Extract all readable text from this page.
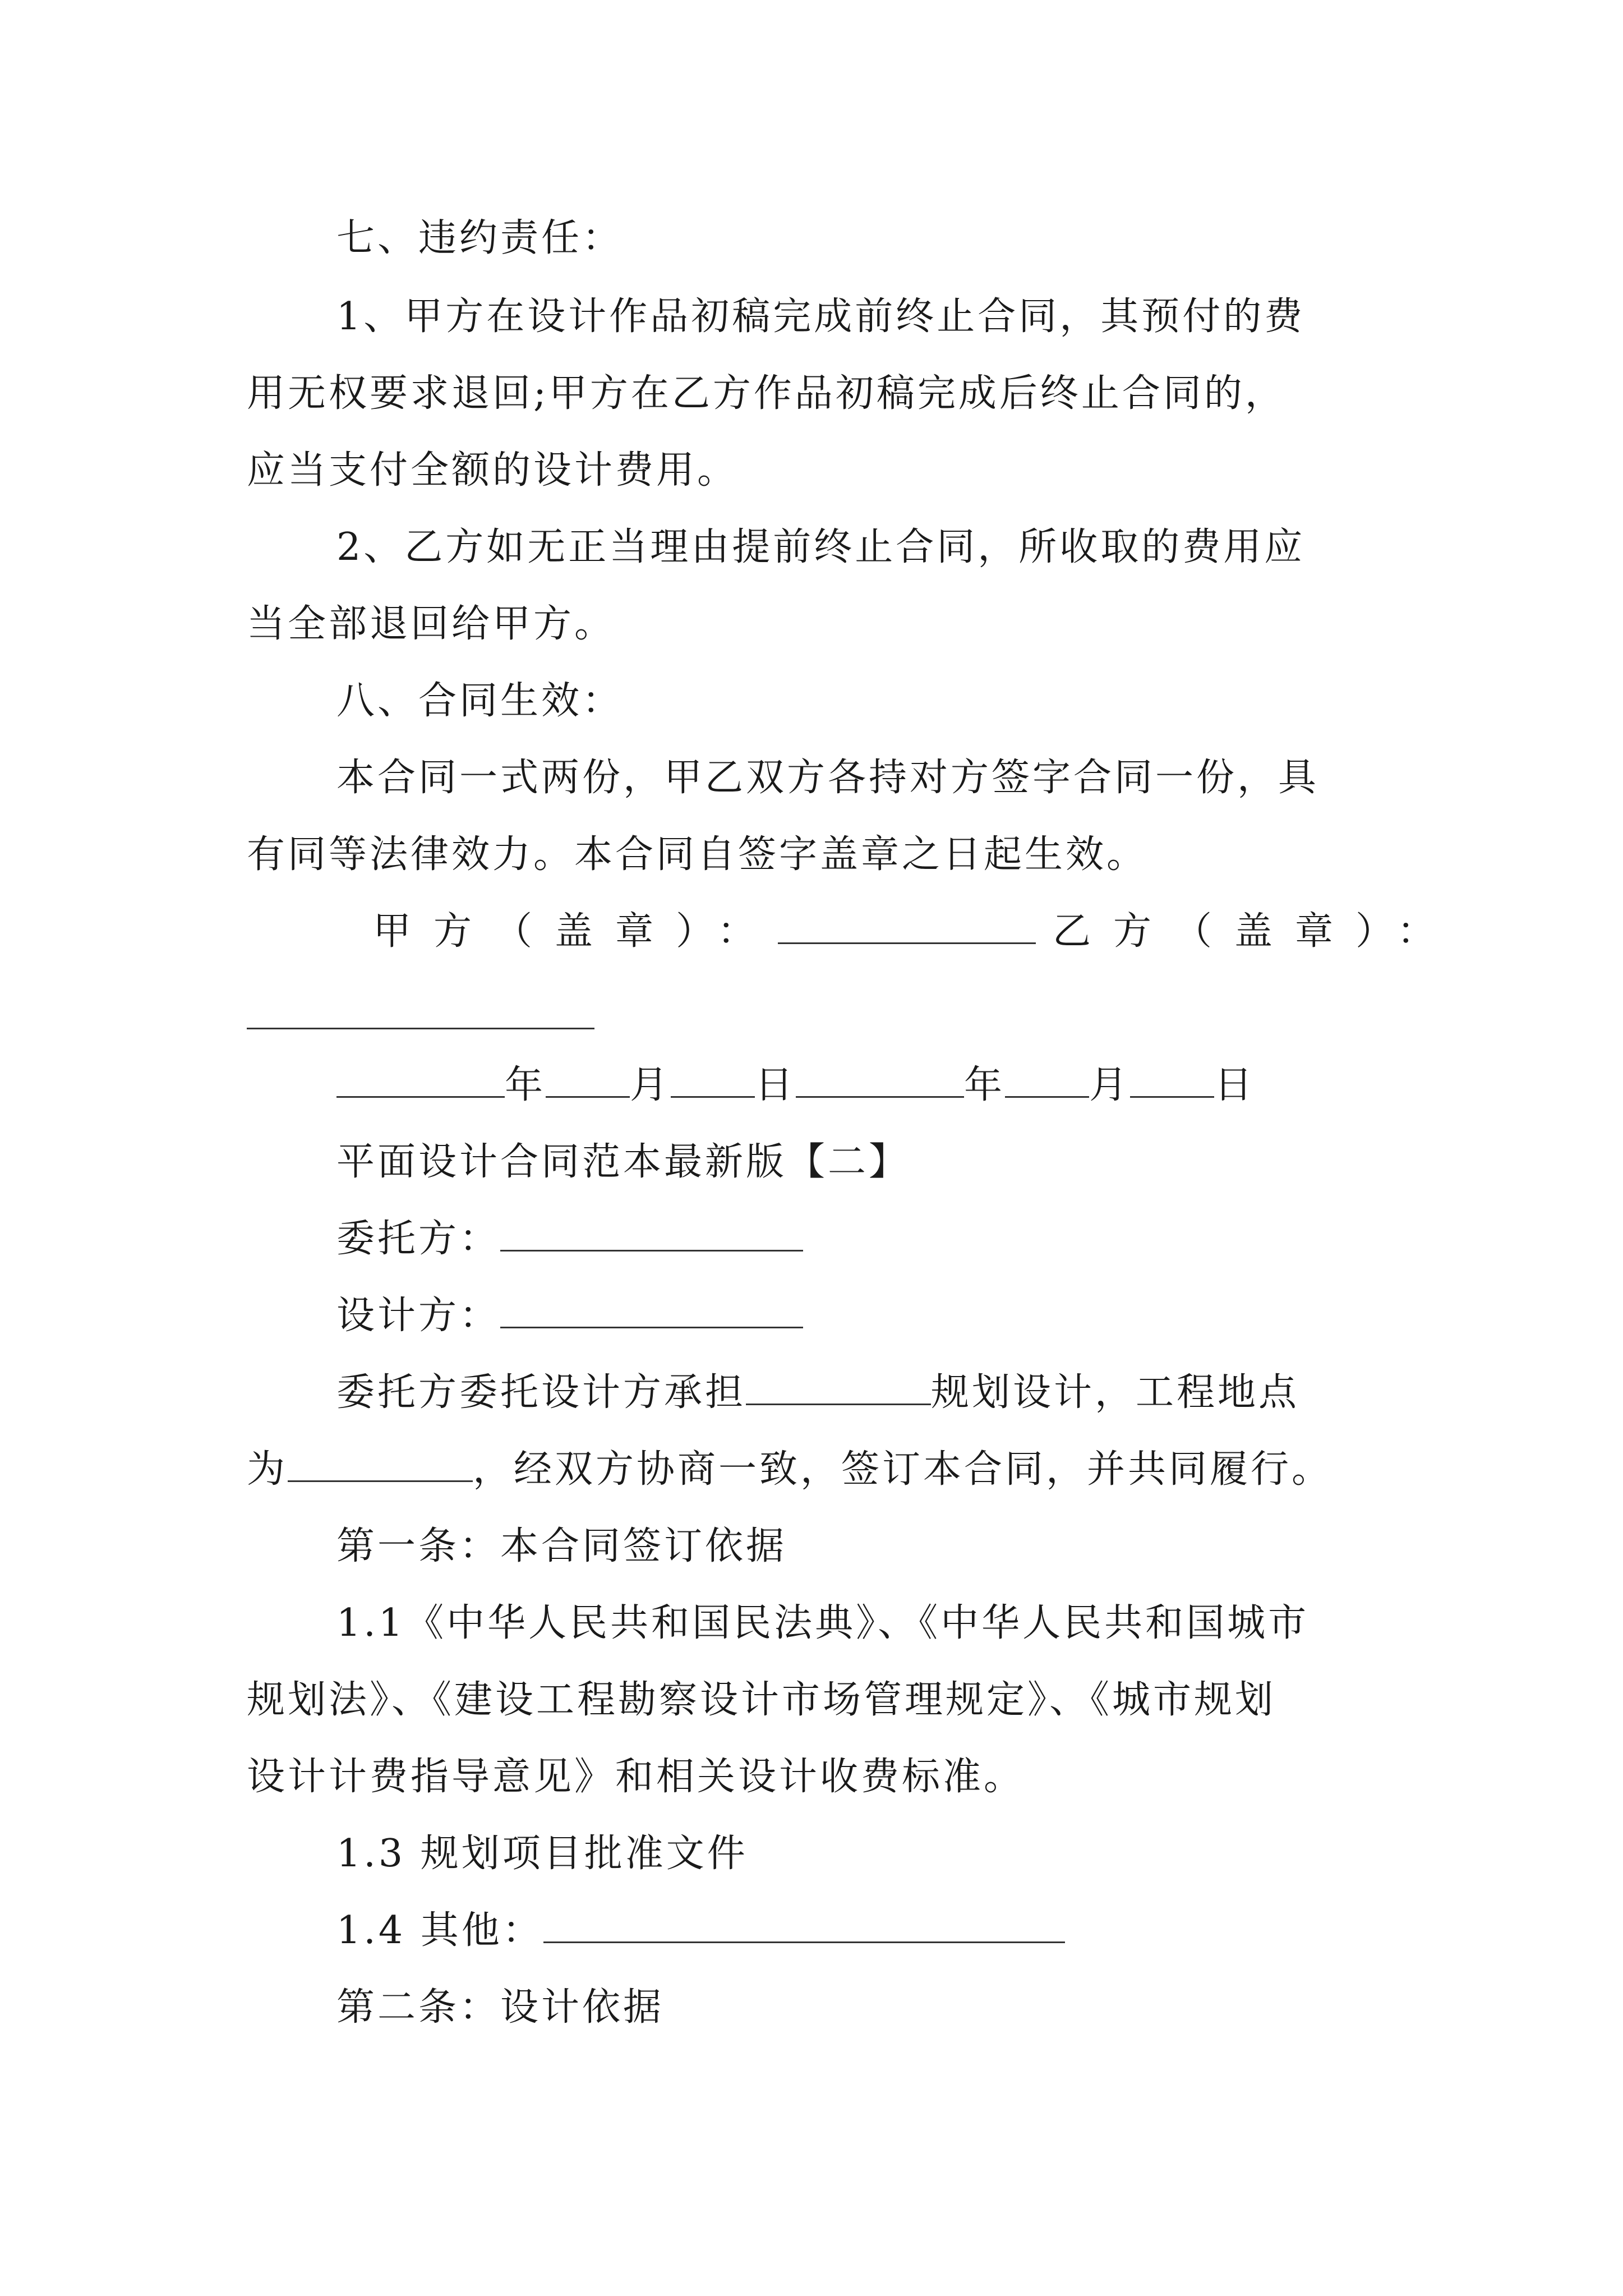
七、违约责任：

1、甲方在设计作品初稿完成前终止合同，其预付的费

用无权要求退回;甲方在乙方作品初稿完成后终止合同的，

应当支付全额的设计费用。

2、乙方如无正当理由提前终止合同，所收取的费用应

当全部退回给甲方。

八、合同生效：

本合同一式两份，甲乙双方各持对方签字合同一份，具

有同等法律效力。本合同自签字盖章之日起生效。

甲方（盖章）：	乙方（盖章）：

年 月 日	年 月 日

平面设计合同范本最新版【二】

委托方：

设计方：

委托方委托设计方承担	规划设计，工程地点

为	，经双方协商一致，签订本合同，并共同履行。

第一条：本合同签订依据

1.1《中华人民共和国民法典》、《中华人民共和国城市

规划法》、《建设工程勘察设计市场管理规定》、《城市规划

设计计费指导意见》和相关设计收费标准。

1.3 规划项目批准文件

1.4 其他：

第二条：设计依据
